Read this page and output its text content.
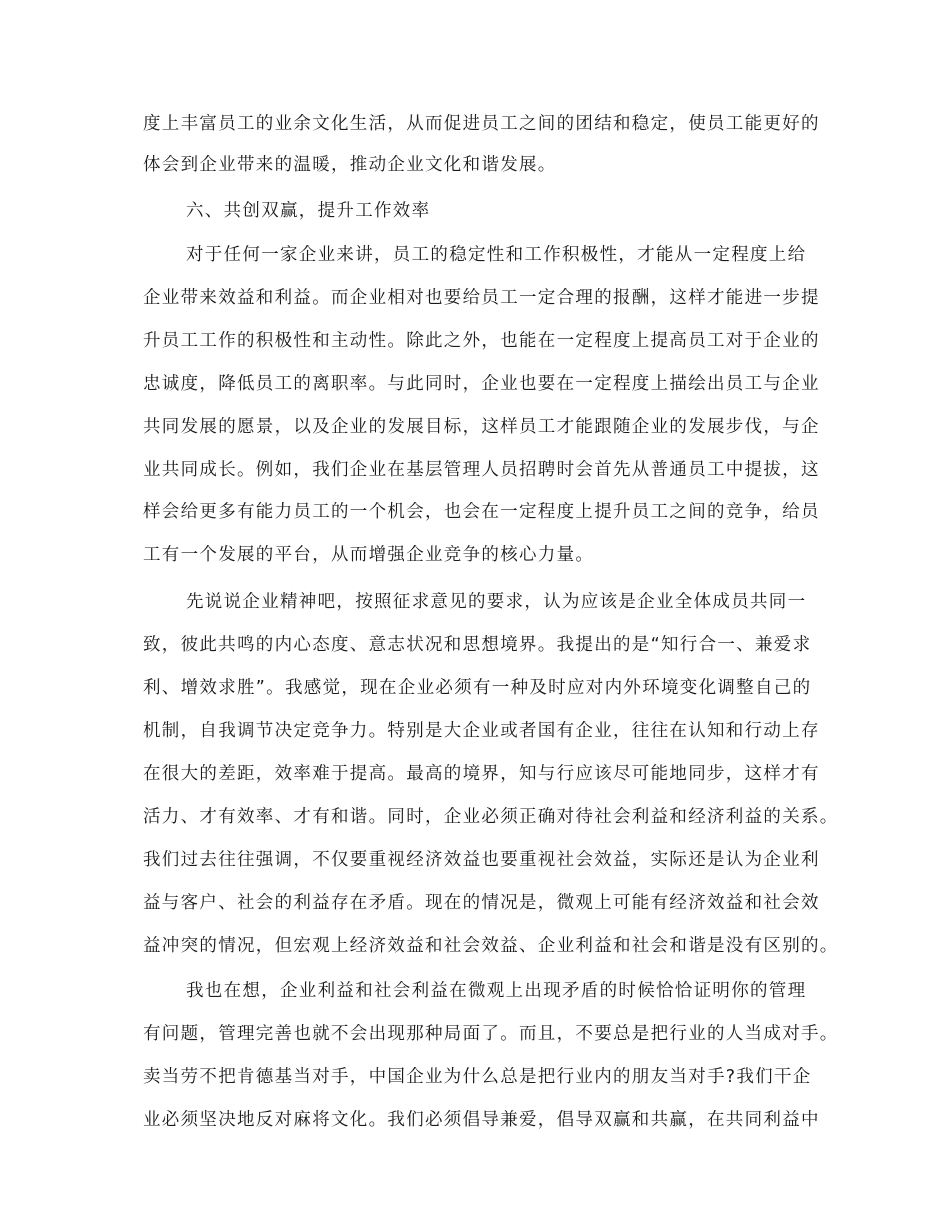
度上丰富员工的业余文化生活，从而促进员工之间的团结和稳定，使员工能更好的
体会到企业带来的温暖，推动企业文化和谐发展。
六、共创双赢，提升工作效率
对于任何一家企业来讲，员工的稳定性和工作积极性，才能从一定程度上给
企业带来效益和利益。而企业相对也要给员工一定合理的报酬，这样才能进一步提
升员工工作的积极性和主动性。除此之外，也能在一定程度上提高员工对于企业的
忠诚度，降低员工的离职率。与此同时，企业也要在一定程度上描绘出员工与企业
共同发展的愿景，以及企业的发展目标，这样员工才能跟随企业的发展步伐，与企
业共同成长。例如，我们企业在基层管理人员招聘时会首先从普通员工中提拔，这
样会给更多有能力员工的一个机会，也会在一定程度上提升员工之间的竞争，给员
工有一个发展的平台，从而增强企业竞争的核心力量。
先说说企业精神吧，按照征求意见的要求，认为应该是企业全体成员共同一
致，彼此共鸣的内心态度、意志状况和思想境界。我提出的是“知行合一、兼爱求
利、增效求胜”。我感觉，现在企业必须有一种及时应对内外环境变化调整自己的
机制，自我调节决定竞争力。特别是大企业或者国有企业，往往在认知和行动上存
在很大的差距，效率难于提高。最高的境界，知与行应该尽可能地同步，这样才有
活力、才有效率、才有和谐。同时，企业必须正确对待社会利益和经济利益的关系。
我们过去往往强调，不仅要重视经济效益也要重视社会效益，实际还是认为企业利
益与客户、社会的利益存在矛盾。现在的情况是，微观上可能有经济效益和社会效
益冲突的情况，但宏观上经济效益和社会效益、企业利益和社会和谐是没有区别的。
我也在想，企业利益和社会利益在微观上出现矛盾的时候恰恰证明你的管理
有问题，管理完善也就不会出现那种局面了。而且，不要总是把行业的人当成对手。
卖当劳不把肯德基当对手，中国企业为什么总是把行业内的朋友当对手?我们干企
业必须坚决地反对麻将文化。我们必须倡导兼爱，倡导双赢和共赢，在共同利益中
